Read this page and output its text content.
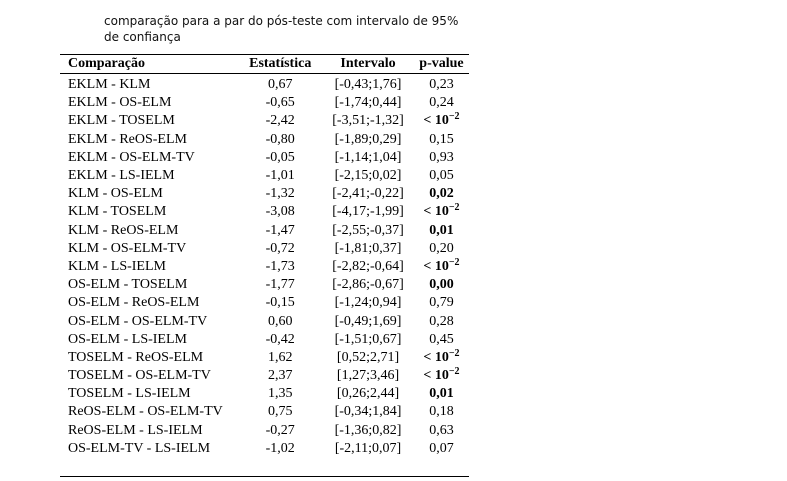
comparação para a par do pós-teste com intervalo de 95% de confiança
Comparação	Estatística	Intervalo	p-value
EKLM - KLM	0,67	[-0,43;1,76]	0,23
EKLM - OS-ELM	-0,65	[-1,74;0,44]	0,24
EKLM - TOSELM	-2,42	[-3,51;-1,32]	< $10^{-2}$
EKLM - ReOS-ELM	-0,80	[-1,89;0,29]	0,15
EKLM - OS-ELM-TV	-0,05	[-1,14;1,04]	0,93
EKLM - LS-IELM	-1,01	[-2,15;0,02]	0,05
KLM - OS-ELM	-1,32	[-2,41;-0,22]	0,02
KLM - TOSELM	-3,08	[-4,17;-1,99]	< $10^{-2}$
KLM - ReOS-ELM	-1,47	[-2,55;-0,37]	0,01
KLM - OS-ELM-TV	-0,72	[-1,81;0,37]	0,20
KLM - LS-IELM	-1,73	[-2,82;-0,64]	< $10^{-2}$
OS-ELM - TOSELM	-1,77	[-2,86;-0,67]	0,00
OS-ELM - ReOS-ELM	-0,15	[-1,24;0,94]	0,79
OS-ELM - OS-ELM-TV	0,60	[-0,49;1,69]	0,28
OS-ELM - LS-IELM	-0,42	[-1,51;0,67]	0,45
TOSELM - ReOS-ELM	1,62	[0,52;2,71]	< $10^{-2}$
TOSELM - OS-ELM-TV	2,37	[1,27;3,46]	< $10^{-2}$
TOSELM - LS-IELM	1,35	[0,26;2,44]	0,01
ReOS-ELM - OS-ELM-TV	0,75	[-0,34;1,84]	0,18
ReOS-ELM - LS-IELM	-0,27	[-1,36;0,82]	0,63
OS-ELM-TV - LS-IELM	-1,02	[-2,11;0,07]	0,07
